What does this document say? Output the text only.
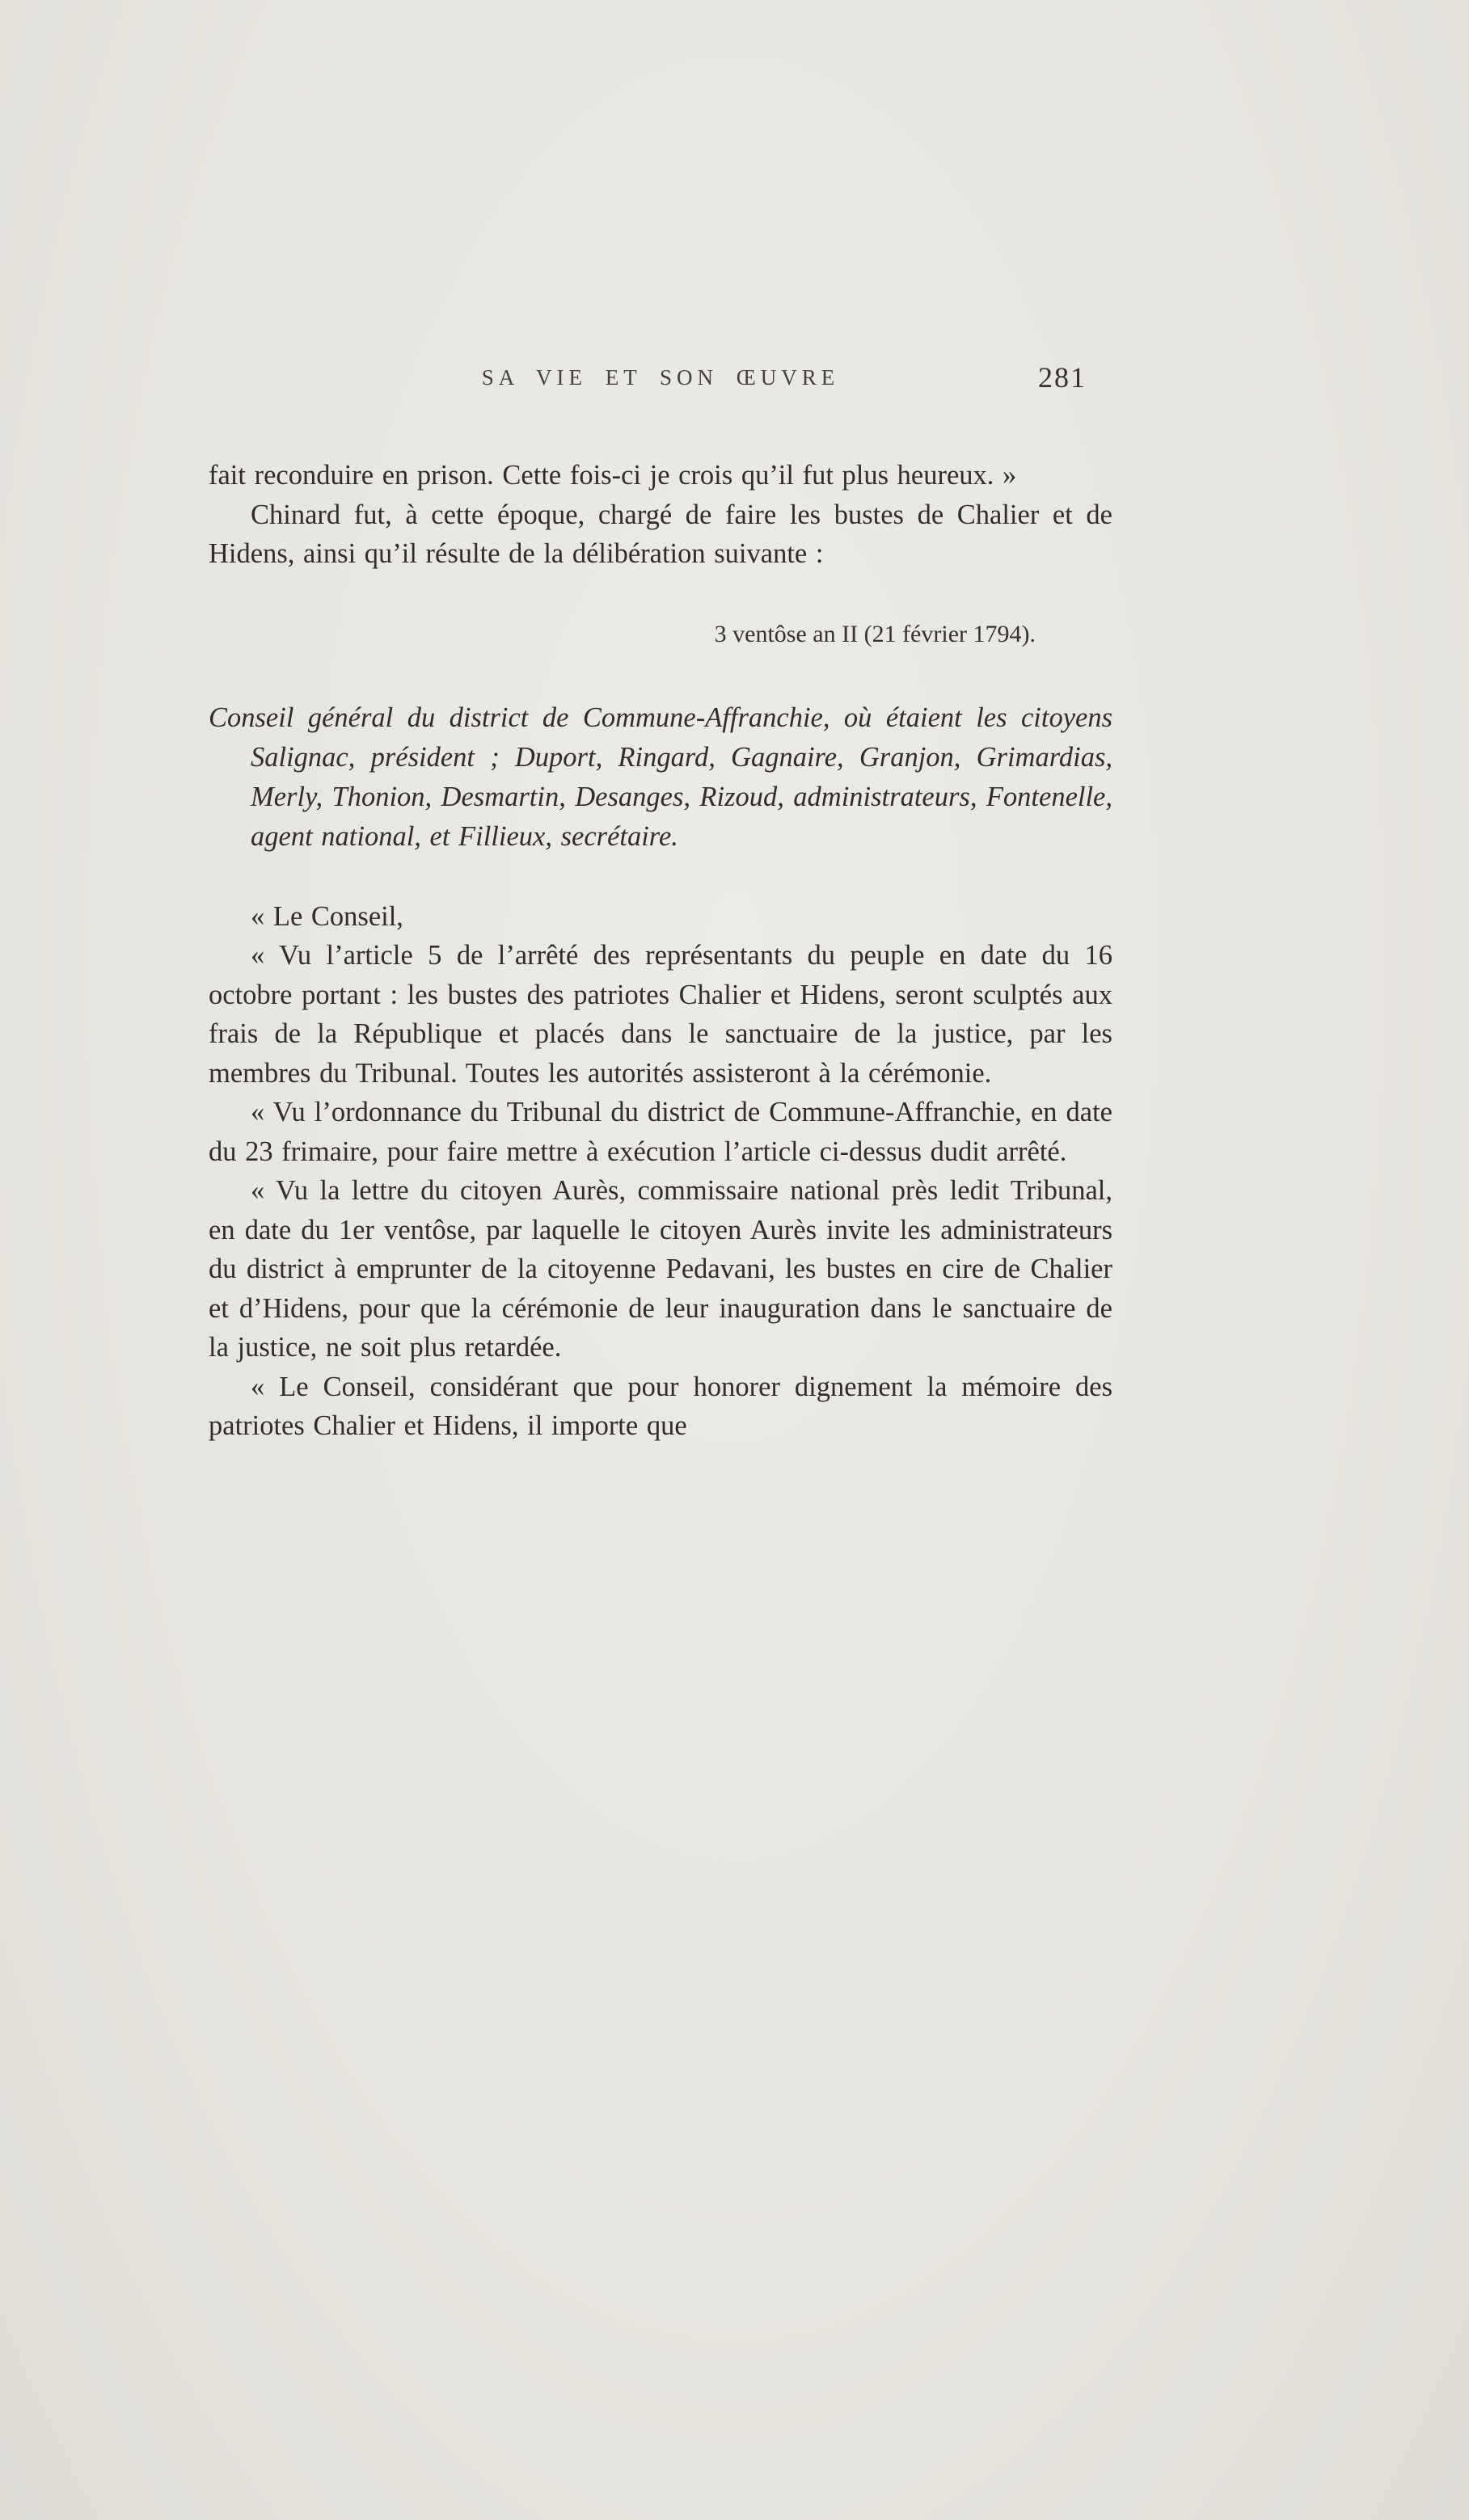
SA VIE ET SON ŒUVRE	281

fait reconduire en prison. Cette fois-ci je crois qu’il fut plus heureux. »

Chinard fut, à cette époque, chargé de faire les bustes de Chalier et de Hidens, ainsi qu’il résulte de la délibération suivante :

3 ventôse an II (21 février 1794).

Conseil général du district de Commune-Affranchie, où étaient les citoyens Salignac, président ; Duport, Ringard, Gagnaire, Granjon, Grimardias, Merly, Thonion, Desmartin, Desanges, Rizoud, administrateurs, Fontenelle, agent national, et Fillieux, secrétaire.

« Le Conseil,

« Vu l’article 5 de l’arrêté des représentants du peuple en date du 16 octobre portant : les bustes des patriotes Chalier et Hidens, seront sculptés aux frais de la République et placés dans le sanctuaire de la justice, par les membres du Tribunal. Toutes les autorités assisteront à la cérémonie.

« Vu l’ordonnance du Tribunal du district de Commune-Affranchie, en date du 23 frimaire, pour faire mettre à exécution l’article ci-dessus dudit arrêté.

« Vu la lettre du citoyen Aurès, commissaire national près ledit Tribunal, en date du 1er ventôse, par laquelle le citoyen Aurès invite les administrateurs du district à emprunter de la citoyenne Pedavani, les bustes en cire de Chalier et d’Hidens, pour que la cérémonie de leur inauguration dans le sanctuaire de la justice, ne soit plus retardée.

« Le Conseil, considérant que pour honorer dignement la mémoire des patriotes Chalier et Hidens, il importe que
